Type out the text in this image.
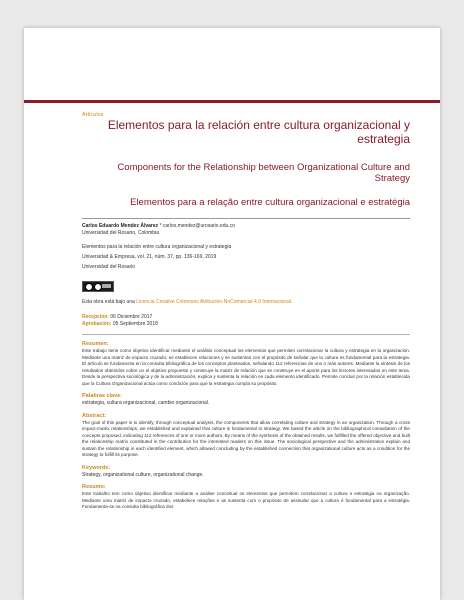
Artículos

Elementos para la relación entre cultura organizacional y estrategia
Components for the Relationship between Organizational Culture and Strategy
Elementos para a relação entre cultura organizacional e estratégia
Carlos Eduardo Mendez Álvarez * carlos.mendez@urosario.edu.co
Universidad del Rosario, Colombia
Elementos para la relación entre cultura organizacional y estrategia
Universidad & Empresa, vol. 21, núm. 37, pp. 136-169, 2019
Universidad del Rosario
Esta obra está bajo una Licencia Creative Commons Atribución-NoComercial 4.0 Internacional.
Recepción: 06 Diciembre 2017
Aprobación: 05 Septiembre 2018
Resumen:

Este trabajo tiene como objetivo identificar mediante el análisis conceptual los elementos que permiten correlacionar la cultura y estrategia en la organización. Mediante una matriz de impacto cruzado, se establecen relaciones y se sustentan con el propósito de señalar que la cultura es fundamental para la estrategia. El artículo se fundamenta en la consulta bibliográfica de los conceptos planteados, señalando 112 referencias de uno o más autores. Mediante la síntesis de los resultados obtenidos cobre un el objetivo propuesto y construye la matriz de relación que se construye en el aporte para los lectores interesados en este tema. Desde la perspectiva sociológica y de la administración, explica y sustenta la relación en cada elemento identificado. Permite concluir por la relación establecida que la Cultura Organizacional actúa como condición para que la estrategia cumpla su propósito.

Palabras clave:

estrategia, cultura organizacional, cambio organizacional.

Abstract:

The goal of this paper is to identify, through conceptual analysis, the components that allow correlating culture and strategy in an organization. Through a cross impact-matrix relationships, we established and explained that culture is fundamental to strategy. We based the article on the bibliographical consultation of the concepts proposed, indicating 112 references of one or more authors. By means of the synthesis of the obtained results, we fulfilled the offered objective and built the relationship matrix constituted in the contribution for the interested readers on this issue. The sociological perspective and the administration explain and sustain the relationship in each identified element, which allowed concluding by the established connection that organizational culture acts as a condition for the strategy to fulfill its purpose.

Keywords:

Strategy, organizational culture, organizational change.

Resumo:

Este trabalho tem como objetivo identificar mediante a análise conceitual os elementos que permitem correlacionar a cultura e estratégia na organização. Mediante uma matriz de impacto cruzado, estabelece relações e as sustenta com o propósito de assinalar que a cultura é fundamental para a estratégia. Fundamenta-se na consulta bibliográfica dos
